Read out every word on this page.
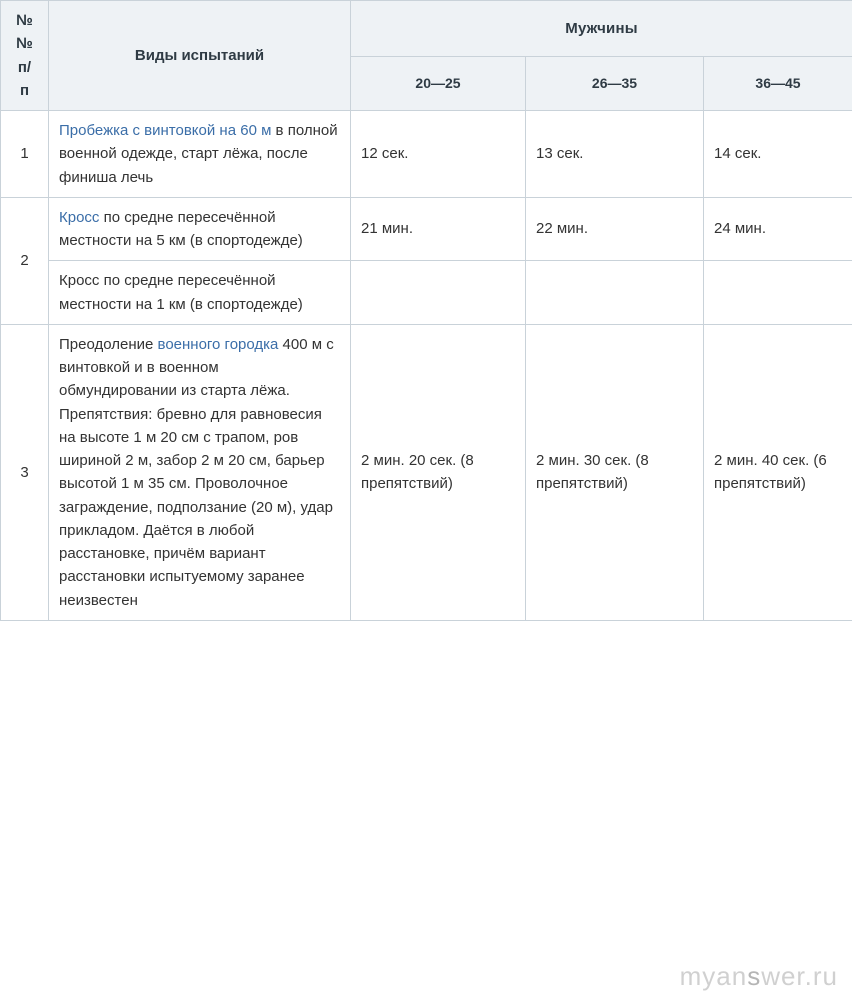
№
№
п/
п	Виды испытаний	Мужчины		
		20—25	26—35	36—45
1	Пробежка с винтовкой на 60 м в полной военной одежде, старт лёжа, после финиша лечь	12 сек.	13 сек.	14 сек.
2	Кросс по средне пересечённой местности на 5 км (в спортодежде)	21 мин.	22 мин.	24 мин.
	Кросс по средне пересечённой местности на 1 км (в спортодежде)			
3	Преодоление военного городка 400 м с винтовкой и в военном обмундировании из старта лёжа. Препятствия: бревно для равновесия на высоте 1 м 20 см с трапом, ров шириной 2 м, забор 2 м 20 см, барьер высотой 1 м 35 см. Проволочное заграждение, подползание (20 м), удар прикладом. Даётся в любой расстановке, причём вариант расстановки испытуемому заранее неизвестен	2 мин. 20 сек. (8 препятствий)	2 мин. 30 сек. (8 препятствий)	2 мин. 40 сек. (6 препятствий)
myanswer.ru
